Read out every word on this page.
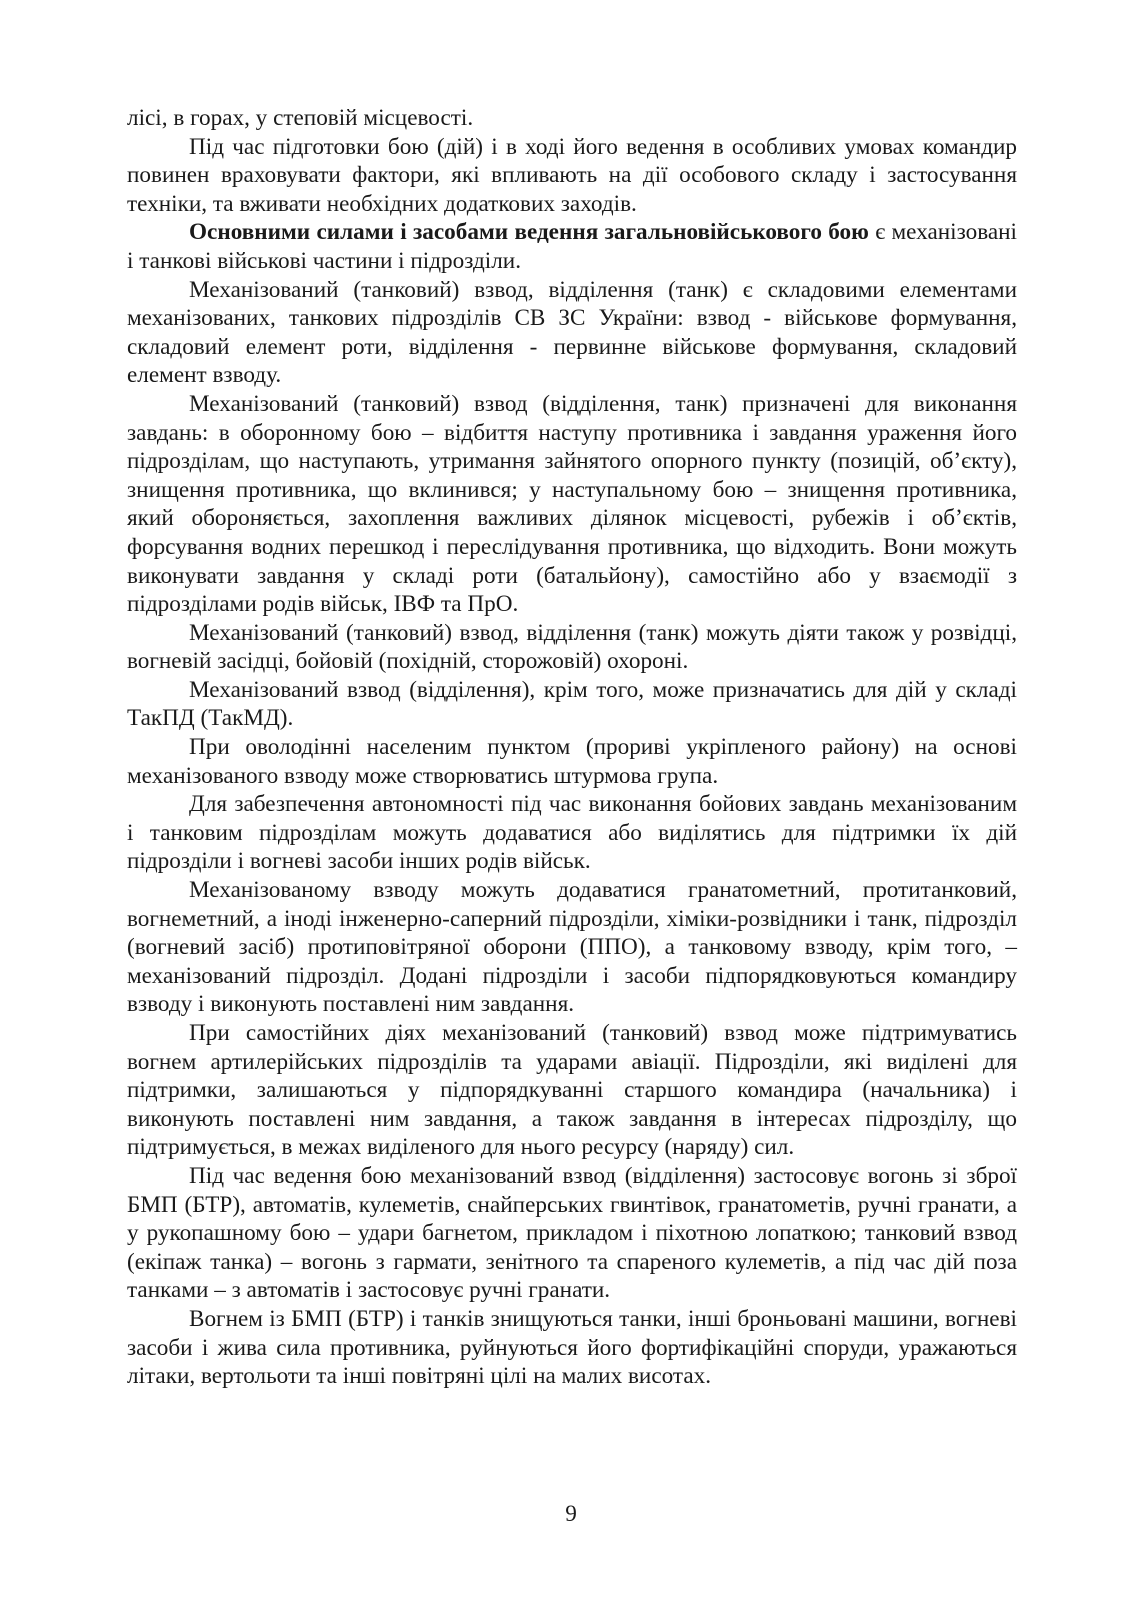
лісі, в горах, у степовій місцевості.

Під час підготовки бою (дій) і в ході його ведення в особливих умовах командир повинен враховувати фактори, які впливають на дії особового складу і застосування техніки, та вживати необхідних додаткових заходів.

Основними силами і засобами ведення загальновійськового бою є механізовані і танкові військові частини і підрозділи.

Механізований (танковий) взвод, відділення (танк) є складовими елементами механізованих, танкових підрозділів СВ ЗС України: взвод - військове формування, складовий елемент роти, відділення - первинне військове формування, складовий елемент взводу.

Механізований (танковий) взвод (відділення, танк) призначені для виконання завдань: в оборонному бою – відбиття наступу противника і завдання ураження його підрозділам, що наступають, утримання зайнятого опорного пункту (позицій, об’єкту), знищення противника, що вклинився; у наступальному бою – знищення противника, який обороняється, захоплення важливих ділянок місцевості, рубежів і об’єктів, форсування водних перешкод і переслідування противника, що відходить. Вони можуть виконувати завдання у складі роти (батальйону), самостійно або у взаємодії з підрозділами родів військ, ІВФ та ПрО.

Механізований (танковий) взвод, відділення (танк) можуть діяти також у розвідці, вогневій засідці, бойовій (похідній, сторожовій) охороні.

Механізований взвод (відділення), крім того, може призначатись для дій у складі ТакПД (ТакМД).

При оволодінні населеним пунктом (прориві укріпленого району) на основі механізованого взводу може створюватись штурмова група.

Для забезпечення автономності під час виконання бойових завдань механізованим і танковим підрозділам можуть додаватися або виділятись для підтримки їх дій підрозділи і вогневі засоби інших родів військ.

Механізованому взводу можуть додаватися гранатометний, протитанковий, вогнеметний, а іноді інженерно-саперний підрозділи, хіміки-розвідники і танк, підрозділ (вогневий засіб) протиповітряної оборони (ППО), а танковому взводу, крім того, – механізований підрозділ. Додані підрозділи і засоби підпорядковуються командиру взводу і виконують поставлені ним завдання.

При самостійних діях механізований (танковий) взвод може підтримуватись вогнем артилерійських підрозділів та ударами авіації. Підрозділи, які виділені для підтримки, залишаються у підпорядкуванні старшого командира (начальника) і виконують поставлені ним завдання, а також завдання в інтересах підрозділу, що підтримується, в межах виділеного для нього ресурсу (наряду) сил.

Під час ведення бою механізований взвод (відділення) застосовує вогонь зі зброї БМП (БТР), автоматів, кулеметів, снайперських гвинтівок, гранатометів, ручні гранати, а у рукопашному бою – удари багнетом, прикладом і піхотною лопаткою; танковий взвод (екіпаж танка) – вогонь з гармати, зенітного та спареного кулеметів, а під час дій поза танками – з автоматів і застосовує ручні гранати.

Вогнем із БМП (БТР) і танків знищуються танки, інші броньовані машини, вогневі засоби і жива сила противника, руйнуються його фортифікаційні споруди, уражаються літаки, вертольоти та інші повітряні цілі на малих висотах.

9
